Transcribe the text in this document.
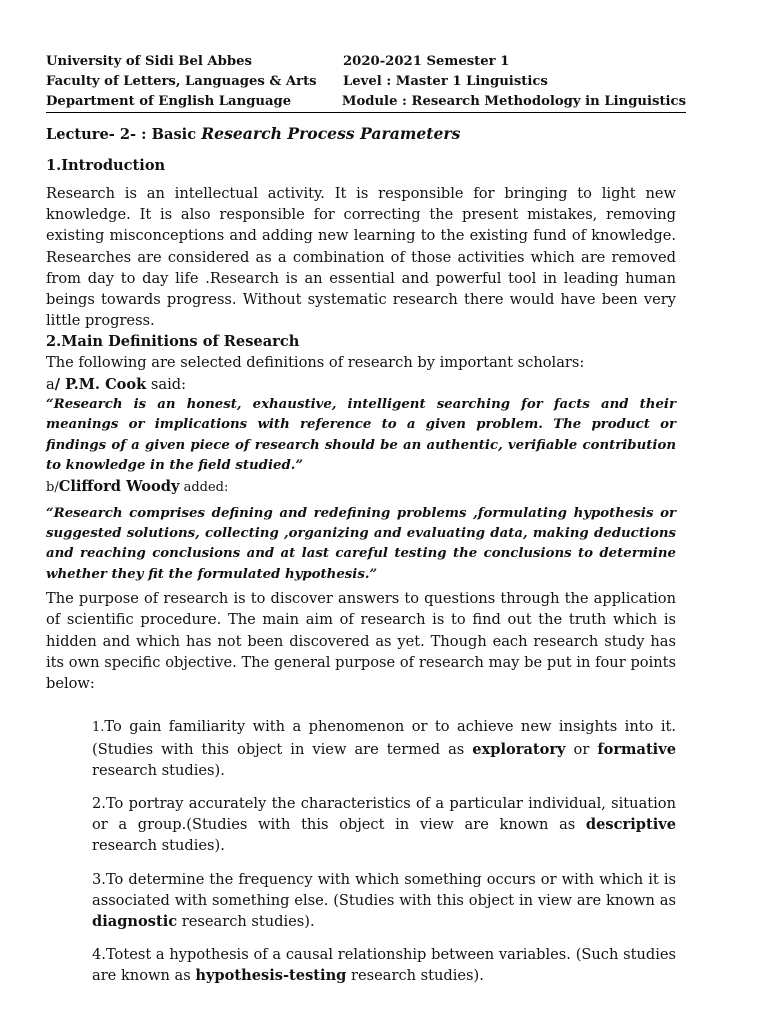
University of Sidi Bel Abbes	2020-2021 Semester 1
Faculty of Letters, Languages & Arts	Level : Master 1 Linguistics
Department of English Language	Module : Research Methodology in Linguistics

Lecture- 2- : Basic Research Process Parameters

1.Introduction

Research is an intellectual activity. It is responsible for bringing to light new knowledge. It is also responsible for correcting the present mistakes, removing existing misconceptions and adding new learning to the existing fund of knowledge. Researches are considered as a combination of those activities which are removed from day to day life .Research is an essential and powerful tool in leading human beings towards progress. Without systematic research there would have been very little progress.

2.Main Definitions of Research

The following are selected definitions of research by important scholars:

a/ P.M. Cook said:

“Research is an honest, exhaustive, intelligent searching for facts and their meanings or implications with reference to a given problem. The product or findings of a given piece of research should be an authentic, verifiable contribution to knowledge in the field studied.”

b/Clifford Woody added:

“Research comprises defining and redefining problems ,formulating hypothesis or suggested solutions, collecting ,organizing and evaluating data, making deductions and reaching conclusions and at last careful testing the conclusions to determine whether they fit the formulated hypothesis.”

The purpose of research is to discover answers to questions through the application of scientific procedure. The main aim of research is to find out the truth which is hidden and which has not been discovered as yet. Though each research study has its own specific objective. The general purpose of research may be put in four points below:

1.To gain familiarity with a phenomenon or to achieve new insights into it. (Studies with this object in view are termed as exploratory or formative research studies).
2.To portray accurately the characteristics of a particular individual, situation or a group.(Studies with this object in view are known as descriptive research studies).
3.To determine the frequency with which something occurs or with which it is associated with something else. (Studies with this object in view are known as diagnostic research studies).
4.Totest a hypothesis of a causal relationship between variables. (Such studies are known as hypothesis-testing research studies).
